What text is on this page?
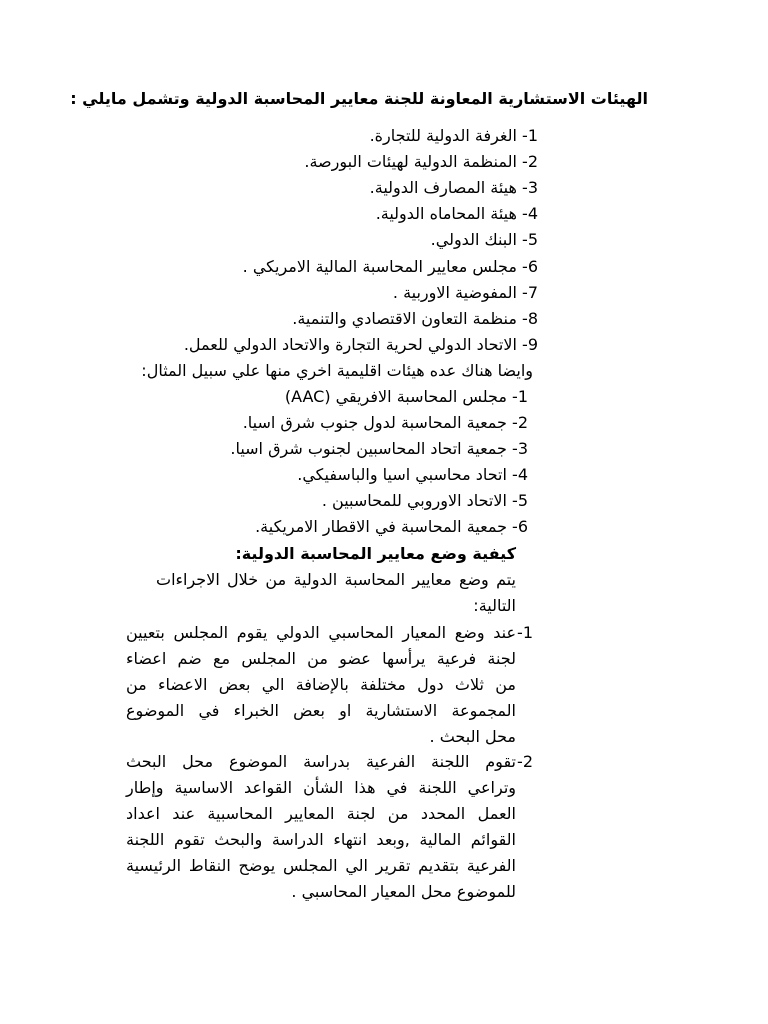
الهيئات الاستشارية المعاونة للجنة معايير المحاسبة الدولية وتشمل مايلي :

1- الغرفة الدولية للتجارة.

2- المنظمة الدولية لهيئات البورصة.

3- هيئة المصارف الدولية.

4- هيئة المحاماه الدولية.

5- البنك الدولي.

6- مجلس معايير المحاسبة المالية الامريكي .

7- المفوضية الاوربية .

8- منظمة التعاون الاقتصادي والتنمية.

9- الاتحاد الدولي لحرية التجارة والاتحاد الدولي للعمل.

وايضا هناك عده هيئات اقليمية اخري منها علي سبيل المثال:

1- مجلس المحاسبة الافريقي (AAC)

2- جمعية المحاسبة لدول جنوب شرق اسيا.

3- جمعية اتحاد المحاسبين لجنوب شرق اسيا.

4- اتحاد محاسبي اسيا والباسفيكي.

5- الاتحاد الاوروبي للمحاسبين .

6- جمعية المحاسبة في الاقطار الامريكية.

كيفية وضع معايير المحاسبة الدولية:

يتم وضع معايير المحاسبة الدولية من خلال الاجراءات
التالية:
1-
عند وضع المعيار المحاسبي الدولي يقوم المجلس بتعيين
لجنة فرعية يرأسها عضو من المجلس مع ضم اعضاء
من ثلاث دول مختلفة بالإضافة الي بعض الاعضاء من
المجموعة الاستشارية او بعض الخبراء في الموضوع
محل البحث .
2-
تقوم اللجنة الفرعية بدراسة الموضوع محل البحث
وتراعي اللجنة في هذا الشأن القواعد الاساسية وإطار
العمل المحدد من لجنة المعايير المحاسبية عند اعداد
القوائم المالية ,وبعد انتهاء الدراسة والبحث تقوم اللجنة
الفرعية بتقديم تقرير الي المجلس يوضح النقاط الرئيسية
للموضوع محل المعيار المحاسبي .
